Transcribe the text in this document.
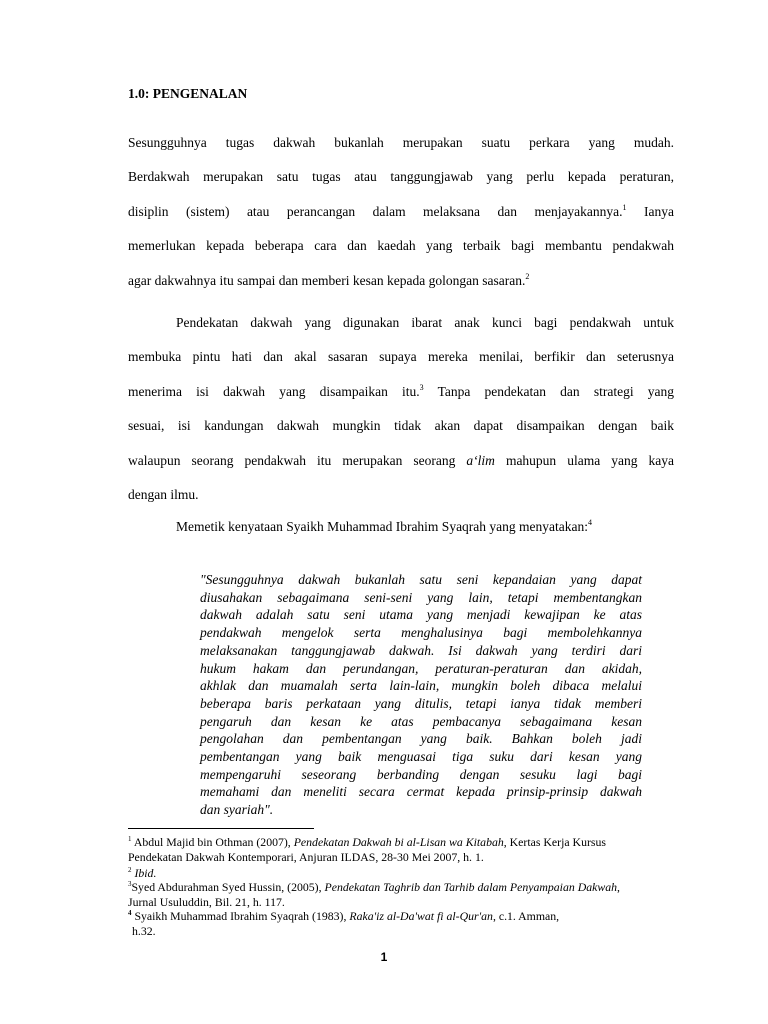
1.0: PENGENALAN
Sesungguhnya tugas dakwah bukanlah merupakan suatu perkara yang mudah.
Berdakwah merupakan satu tugas atau tanggungjawab yang perlu kepada peraturan,
disiplin (sistem) atau perancangan dalam melaksana dan menjayakannya.$^1$ Ianya
memerlukan kepada beberapa cara dan kaedah yang terbaik bagi membantu pendakwah
agar dakwahnya itu sampai dan memberi kesan kepada golongan sasaran.$^2$
Pendekatan dakwah yang digunakan ibarat anak kunci bagi pendakwah untuk
membuka pintu hati dan akal sasaran supaya mereka menilai, berfikir dan seterusnya
menerima isi dakwah yang disampaikan itu.$^3$ Tanpa pendekatan dan strategi yang
sesuai, isi kandungan dakwah mungkin tidak akan dapat disampaikan dengan baik
walaupun seorang pendakwah itu merupakan seorang a‘lim mahupun ulama yang kaya
dengan ilmu.
Memetik kenyataan Syaikh Muhammad Ibrahim Syaqrah yang menyatakan:$^4$
"Sesungguhnya dakwah bukanlah satu seni kepandaian yang dapat
diusahakan sebagaimana seni-seni yang lain, tetapi membentangkan
dakwah adalah satu seni utama yang menjadi kewajipan ke atas
pendakwah mengelok serta menghalusinya bagi membolehkannya
melaksanakan tanggungjawab dakwah. Isi dakwah yang terdiri dari
hukum hakam dan perundangan, peraturan-peraturan dan akidah,
akhlak dan muamalah serta lain-lain, mungkin boleh dibaca melalui
beberapa baris perkataan yang ditulis, tetapi ianya tidak memberi
pengaruh dan kesan ke atas pembacanya sebagaimana kesan
pengolahan dan pembentangan yang baik. Bahkan boleh jadi
pembentangan yang baik menguasai tiga suku dari kesan yang
mempengaruhi seseorang berbanding dengan sesuku lagi bagi
memahami dan meneliti secara cermat kepada prinsip-prinsip dakwah
dan syariah".
$^1$ Abdul Majid bin Othman (2007), Pendekatan Dakwah bi al-Lisan wa Kitabah, Kertas Kerja Kursus
Pendekatan Dakwah Kontemporari, Anjuran ILDAS, 28-30 Mei 2007, h. 1.
$^2$ Ibid.
$^3$Syed Abdurahman Syed Hussin, (2005), Pendekatan Taghrib dan Tarhib dalam Penyampaian Dakwah,
Jurnal Usuluddin, Bil. 21, h. 117.
$^4$ Syaikh Muhammad Ibrahim Syaqrah (1983), Raka'iz al-Da'wat fi al-Qur'an, c.1. Amman,
h.32.
1
